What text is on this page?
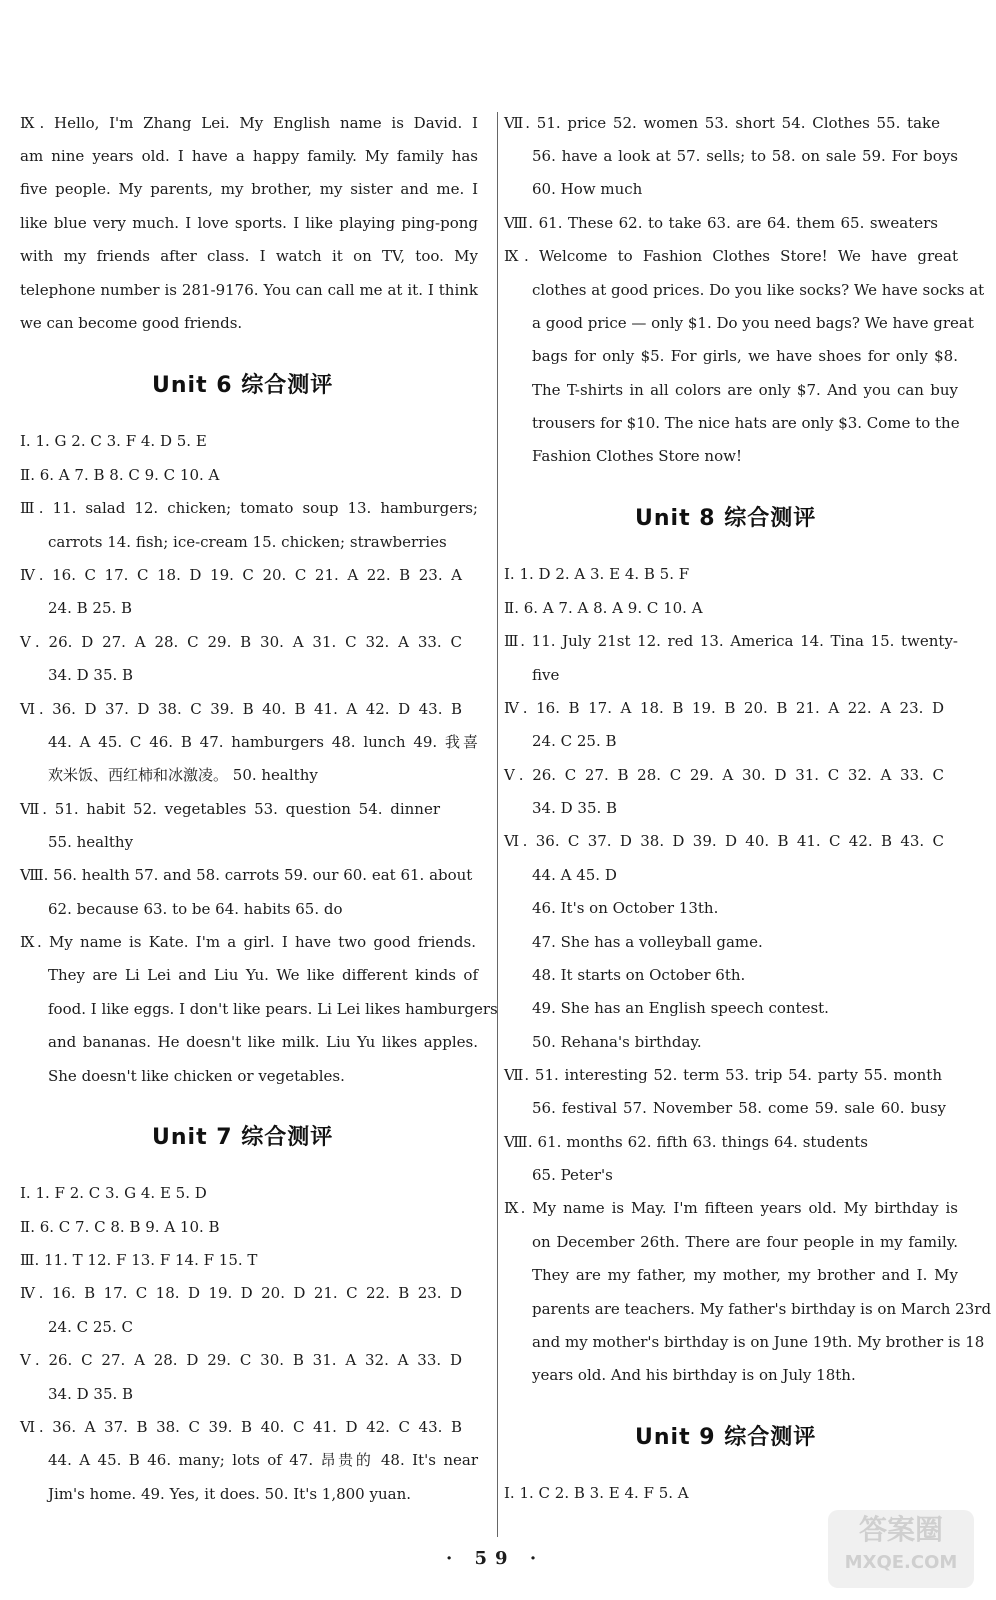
Ⅸ. Hello, I'm Zhang Lei. My English name is David. I
am nine years old. I have a happy family. My family has
five people. My parents, my brother, my sister and me. I
like blue very much. I love sports. I like playing ping-pong
with my friends after class. I watch it on TV, too. My
telephone number is 281-9176. You can call me at it. I think
we can become good friends.
Unit 6 综合测评
Ⅰ. 1. G 2. C 3. F 4. D 5. E
Ⅱ. 6. A 7. B 8. C 9. C 10. A
Ⅲ. 11. salad 12. chicken; tomato soup 13. hamburgers;
carrots 14. fish; ice-cream 15. chicken; strawberries
Ⅳ. 16. C 17. C 18. D 19. C 20. C 21. A 22. B 23. A
24. B 25. B
Ⅴ. 26. D 27. A 28. C 29. B 30. A 31. C 32. A 33. C
34. D 35. B
Ⅵ. 36. D 37. D 38. C 39. B 40. B 41. A 42. D 43. B
44. A 45. C 46. B 47. hamburgers 48. lunch 49. 我喜
欢米饭、西红柿和冰激凌。 50. healthy
Ⅶ. 51. habit 52. vegetables 53. question 54. dinner
55. healthy
Ⅷ. 56. health 57. and 58. carrots 59. our 60. eat 61. about
62. because 63. to be 64. habits 65. do
Ⅸ. My name is Kate. I'm a girl. I have two good friends.
They are Li Lei and Liu Yu. We like different kinds of
food. I like eggs. I don't like pears. Li Lei likes hamburgers
and bananas. He doesn't like milk. Liu Yu likes apples.
She doesn't like chicken or vegetables.
Unit 7 综合测评
Ⅰ. 1. F 2. C 3. G 4. E 5. D
Ⅱ. 6. C 7. C 8. B 9. A 10. B
Ⅲ. 11. T 12. F 13. F 14. F 15. T
Ⅳ. 16. B 17. C 18. D 19. D 20. D 21. C 22. B 23. D
24. C 25. C
Ⅴ. 26. C 27. A 28. D 29. C 30. B 31. A 32. A 33. D
34. D 35. B
Ⅵ. 36. A 37. B 38. C 39. B 40. C 41. D 42. C 43. B
44. A 45. B 46. many; lots of 47. 昂贵的 48. It's near
Jim's home. 49. Yes, it does. 50. It's 1,800 yuan.
Ⅶ. 51. price 52. women 53. short 54. Clothes 55. take
56. have a look at 57. sells; to 58. on sale 59. For boys
60. How much
Ⅷ. 61. These 62. to take 63. are 64. them 65. sweaters
Ⅸ. Welcome to Fashion Clothes Store! We have great
clothes at good prices. Do you like socks? We have socks at
a good price — only $1. Do you need bags? We have great
bags for only $5. For girls, we have shoes for only $8.
The T-shirts in all colors are only $7. And you can buy
trousers for $10. The nice hats are only $3. Come to the
Fashion Clothes Store now!
Unit 8 综合测评
Ⅰ. 1. D 2. A 3. E 4. B 5. F
Ⅱ. 6. A 7. A 8. A 9. C 10. A
Ⅲ. 11. July 21st 12. red 13. America 14. Tina 15. twenty-
five
Ⅳ. 16. B 17. A 18. B 19. B 20. B 21. A 22. A 23. D
24. C 25. B
Ⅴ. 26. C 27. B 28. C 29. A 30. D 31. C 32. A 33. C
34. D 35. B
Ⅵ. 36. C 37. D 38. D 39. D 40. B 41. C 42. B 43. C
44. A 45. D
46. It's on October 13th.
47. She has a volleyball game.
48. It starts on October 6th.
49. She has an English speech contest.
50. Rehana's birthday.
Ⅶ. 51. interesting 52. term 53. trip 54. party 55. month
56. festival 57. November 58. come 59. sale 60. busy
Ⅷ. 61. months 62. fifth 63. things 64. students
65. Peter's
Ⅸ. My name is May. I'm fifteen years old. My birthday is
on December 26th. There are four people in my family.
They are my father, my mother, my brother and I. My
parents are teachers. My father's birthday is on March 23rd
and my mother's birthday is on June 19th. My brother is 18
years old. And his birthday is on July 18th.
Unit 9 综合测评
Ⅰ. 1. C 2. B 3. E 4. F 5. A
· 59 ·
答案圈
MXQE.COM
